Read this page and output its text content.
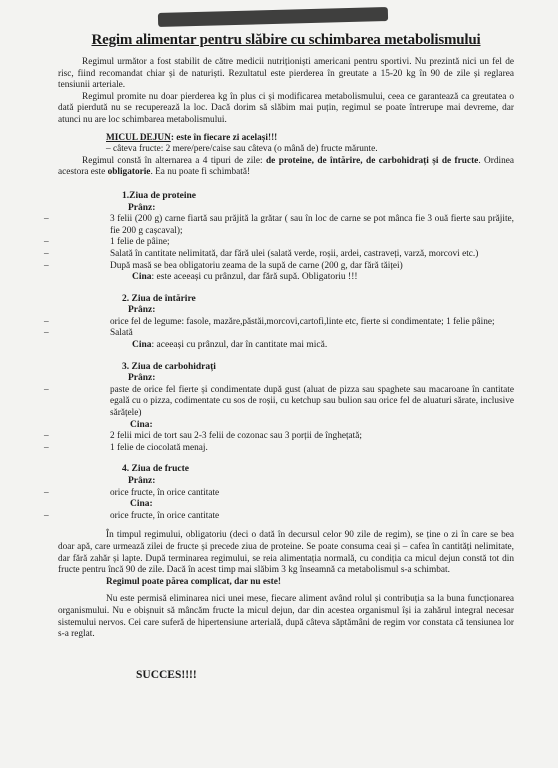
Regim alimentar pentru slăbire cu schimbarea metabolismului

Regimul următor a fost stabilit de către medicii nutriționiști americani pentru sportivi. Nu prezintă nici un fel de risc, fiind recomandat chiar și de naturiști. Rezultatul este pierderea în greutate a 15-20 kg în 90 de zile și reglarea tensiunii arteriale.

Regimul promite nu doar pierderea kg în plus ci și modificarea metabolismului, ceea ce garantează ca greutatea o dată pierdută nu se recuperează la loc. Dacă dorim să slăbim mai puțin, regimul se poate întrerupe mai devreme, dar atunci nu are loc schimbarea metabolismului.

MICUL DEJUN: este în fiecare zi același!!!

– câteva fructe: 2 mere/pere/caise sau câteva (o mână de) fructe mărunte.

Regimul constă în alternarea a 4 tipuri de zile: de proteine, de întărire, de carbohidrați și de fructe. Ordinea acestora este obligatorie. Ea nu poate fi schimbată!

1.Ziua de proteine
Prânz:
– 3 felii (200 g) carne fiartă sau prăjită la grătar ( sau în loc de carne se pot mânca fie 3 ouă fierte sau prăjite, fie 200 g cașcaval);
– 1 felie de pâine;
– Salată în cantitate nelimitată, dar fără ulei (salată verde, roșii, ardei, castraveți, varză, morcovi etc.)
– După masă se bea obligatoriu zeama de la supă de carne (200 g, dar fără tăiței)
Cina: este aceeași cu prânzul, dar fără supă. Obligatoriu !!!
2. Ziua de întărire
Prânz:
– orice fel de legume: fasole, mazăre,păstăi,morcovi,cartofi,linte etc, fierte si condimentate; 1 felie pâine;
– Salată
Cina: aceeași cu prânzul, dar în cantitate mai mică.
3. Ziua de carbohidrați
Prânz:
– paste de orice fel fierte și condimentate după gust (aluat de pizza sau spaghete sau macaroane în cantitate egală cu o pizza, codimentate cu sos de roșii, cu ketchup sau bulion sau orice fel de aluaturi sărate, inclusive sărățele)
Cina:
– 2 felii mici de tort sau 2-3 felii de cozonac sau 3 porții de înghețată;
– 1 felie de ciocolată menaj.
4. Ziua de fructe
Prânz:
– orice fructe, în orice cantitate
Cina:
– orice fructe, în orice cantitate

În timpul regimului, obligatoriu (deci o dată în decursul celor 90 zile de regim), se ține o zi în care se bea doar apă, care urmează zilei de fructe și precede ziua de proteine. Se poate consuma ceai și – cafea în cantități nelimitate, dar fără zahăr și lapte. După terminarea regimului, se reia alimentația normală, cu condiția ca micul dejun constă tot din fructe pentru încă 90 de zile. Dacă în acest timp mai slăbim 3 kg înseamnă ca metabolismul s-a schimbat.

Regimul poate părea complicat, dar nu este!

Nu este permisă eliminarea nici unei mese, fiecare aliment având rolul și contribuția sa la buna funcționarea organismului. Nu e obișnuit să mâncăm fructe la micul dejun, dar din acestea organismul își ia zahărul integral necesar sistemului nervos. Cei care suferă de hipertensiune arterială, după câteva săptămâni de regim vor constata că tensiunea lor s-a reglat.

SUCCES!!!!
